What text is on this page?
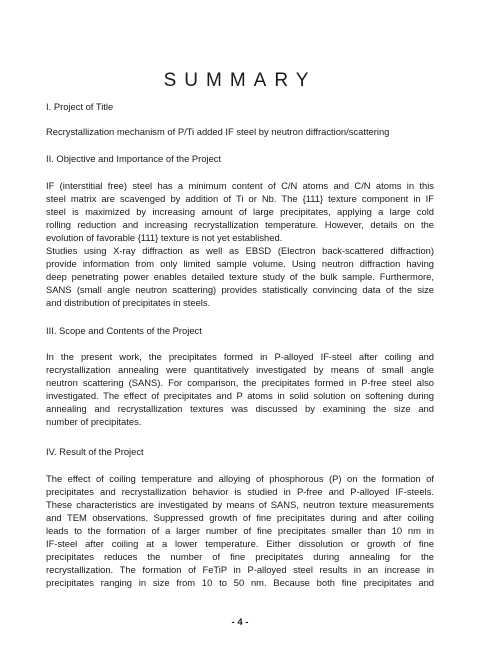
SUMMARY

I. Project of Title

Recrystallization mechanism of P/Ti added IF steel by neutron diffraction/scattering

II. Objective and Importance of the Project

IF (interstitial free) steel has a minimum content of C/N atoms and C/N atoms in this

steel matrix are scavenged by addition of Ti or Nb. The {111} texture component in IF

steel is maximized by increasing amount of large precipitates, applying a large cold

rolling reduction and increasing recrystallization temperature. However, details on the

evolution of favorable {111} texture is not yet established.

Studies using X-ray diffraction as well as EBSD (Electron back-scattered diffraction)

provide information from only limited sample volume. Using neutron diffraction having

deep penetrating power enables detailed texture study of the bulk sample. Furthermore,

SANS (small angle neutron scattering) provides statistically convincing data of the size

and distribution of precipitates in steels.

III. Scope and Contents of the Project

In the present work, the precipitates formed in P-alloyed IF-steel after coiling and

recrystallization annealing were quantitatively investigated by means of small angle

neutron scattering (SANS). For comparison, the precipitates formed in P-free steel also

investigated. The effect of precipitates and P atoms in solid solution on softening during

annealing and recrystallization textures was discussed by examining the size and

number of precipitates.

IV. Result of the Project

The effect of coiling temperature and alloying of phosphorous (P) on the formation of

precipitates and recrystallization behavior is studied in P-free and P-alloyed IF-steels.

These characteristics are investigated by means of SANS, neutron texture measurements

and TEM observations. Suppressed growth of fine precipitates during and after coiling

leads to the formation of a larger number of fine precipitates smaller than 10 nm in

IF-steel after coiling at a lower temperature. Either dissolution or growth of fine

precipitates reduces the number of fine precipitates during annealing for the

recrystallization. The formation of FeTiP in P-alloyed steel results in an increase in

precipitates ranging in size from 10 to 50 nm. Because both fine precipitates and

- 4 -
